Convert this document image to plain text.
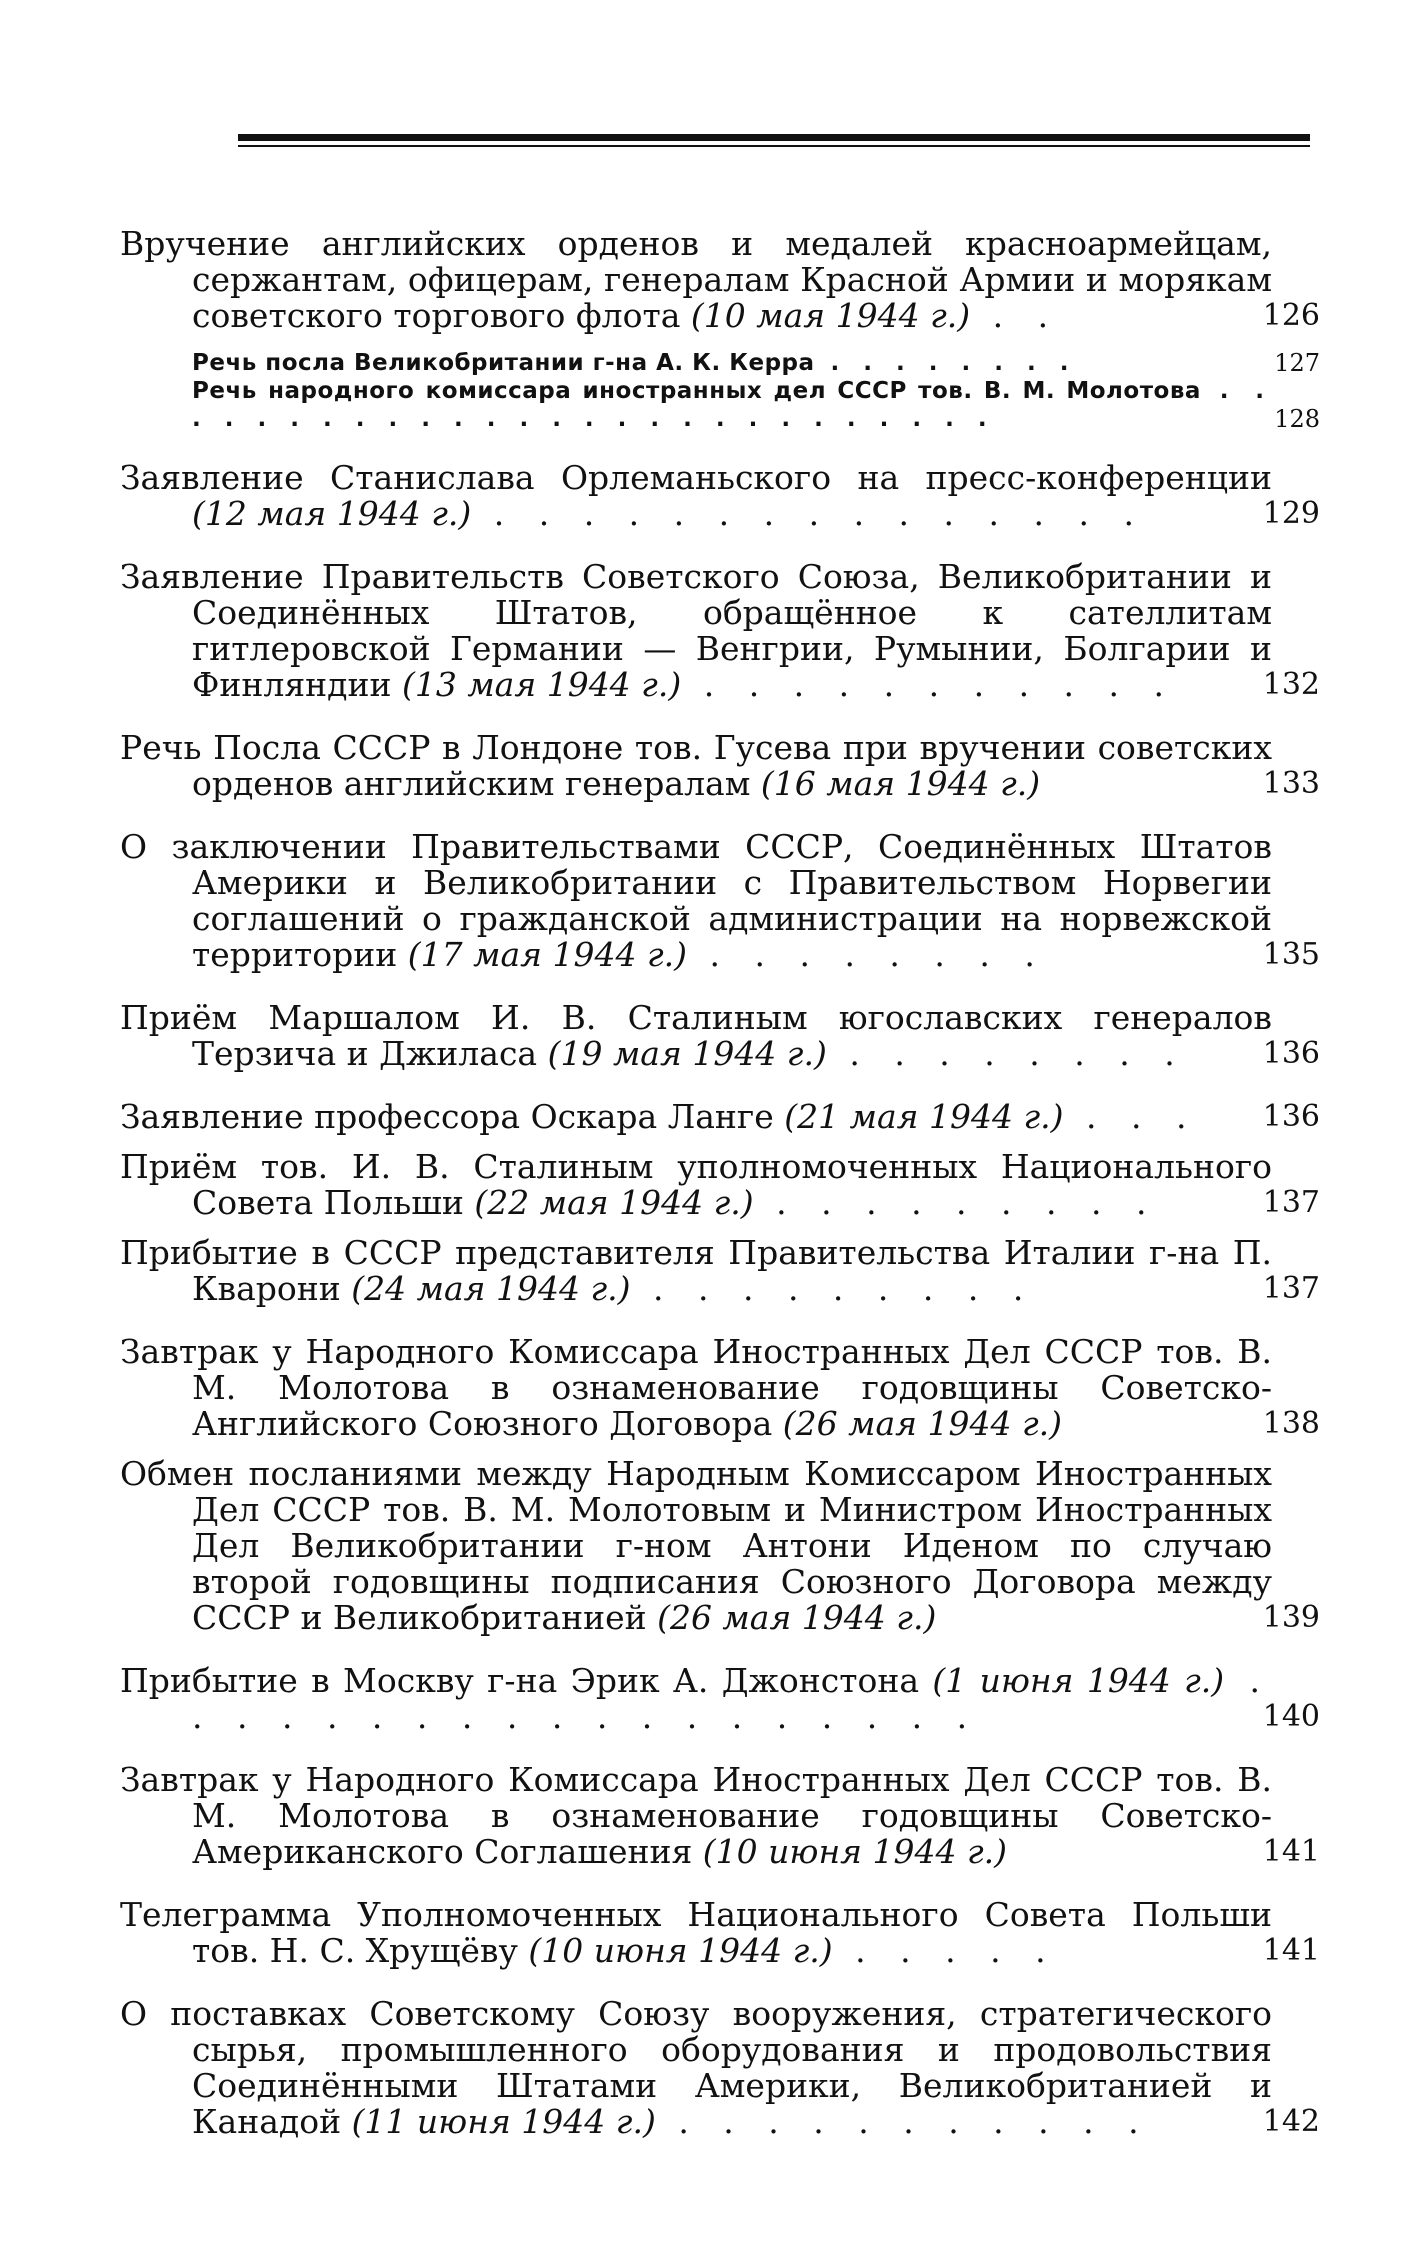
Вручение английских орденов и медалей красноармейцам, сержантам, офицерам, генералам Красной Армии и морякам советского торгового флота (10 мая 1944 г.) . .	126
Речь посла Великобритании г-на А. К. Керра . . . . . . . .	127
Речь народного комиссара иностранных дел СССР тов. В. М. Молотова . . . . . . . . . . . . . . . . . . . . . . . . . . .	128
Заявление Станислава Орлеманьского на пресс-конференции (12 мая 1944 г.) . . . . . . . . . . . . . . .	129
Заявление Правительств Советского Союза, Великобритании и Соединённых Штатов, обращённое к сателлитам гитлеровской Германии — Венгрии, Румынии, Болгарии и Финляндии (13 мая 1944 г.) . . . . . . . . . . .	132
Речь Посла СССР в Лондоне тов. Гусева при вручении советских орденов английским генералам (16 мая 1944 г.)	133
О заключении Правительствами СССР, Соединённых Штатов Америки и Великобритании с Правительством Норвегии соглашений о гражданской администрации на норвежской территории (17 мая 1944 г.) . . . . . . . .	135
Приём Маршалом И. В. Сталиным югославских генералов Терзича и Джиласа (19 мая 1944 г.) . . . . . . . .	136
Заявление профессора Оскара Ланге (21 мая 1944 г.) . . .	136
Приём тов. И. В. Сталиным уполномоченных Национального Совета Польши (22 мая 1944 г.) . . . . . . . . .	137
Прибытие в СССР представителя Правительства Италии г-на П. Кварони (24 мая 1944 г.) . . . . . . . . .	137
Завтрак у Народного Комиссара Иностранных Дел СССР тов. В. М. Молотова в ознаменование годовщины Советско-Английского Союзного Договора (26 мая 1944 г.)	138
Обмен посланиями между Народным Комиссаром Иностранных Дел СССР тов. В. М. Молотовым и Министром Иностранных Дел Великобритании г-ном Антони Иденом по случаю второй годовщины подписания Союзного Договора между СССР и Великобританией (26 мая 1944 г.)	139
Прибытие в Москву г-на Эрик А. Джонстона (1 июня 1944 г.) . . . . . . . . . . . . . . . . . . .	140
Завтрак у Народного Комиссара Иностранных Дел СССР тов. В. М. Молотова в ознаменование годовщины Советско-Американского Соглашения (10 июня 1944 г.)	141
Телеграмма Уполномоченных Национального Совета Польши тов. Н. С. Хрущёву (10 июня 1944 г.) . . . . .	141
О поставках Советскому Союзу вооружения, стратегического сырья, промышленного оборудования и продовольствия Соединёнными Штатами Америки, Великобританией и Канадой (11 июня 1944 г.) . . . . . . . . . . .	142
